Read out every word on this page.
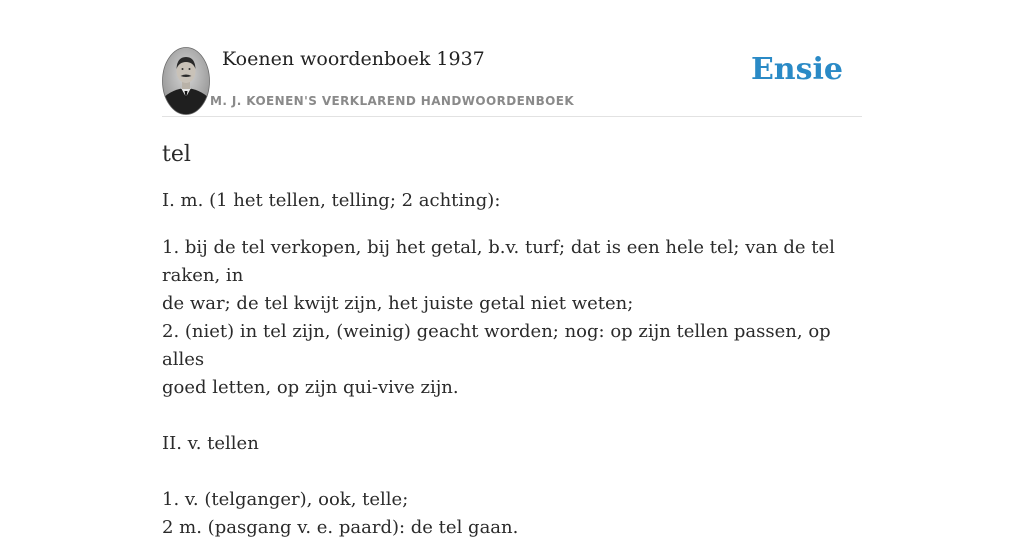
Koenen woordenboek 1937
M. J. KOENEN'S VERKLAREND HANDWOORDENBOEK
Ensie
tel

I. m. (1 het tellen, telling; 2 achting):

1. bij de tel verkopen, bij het getal, b.v. turf; dat is een hele tel; van de tel raken, in

de war; de tel kwijt zijn, het juiste getal niet weten;

2. (niet) in tel zijn, (weinig) geacht worden; nog: op zijn tellen passen, op alles

goed letten, op zijn qui-vive zijn.

II. v. tellen

1. v. (telganger), ook, telle;

2 m. (pasgang v. e. paard): de tel gaan.
